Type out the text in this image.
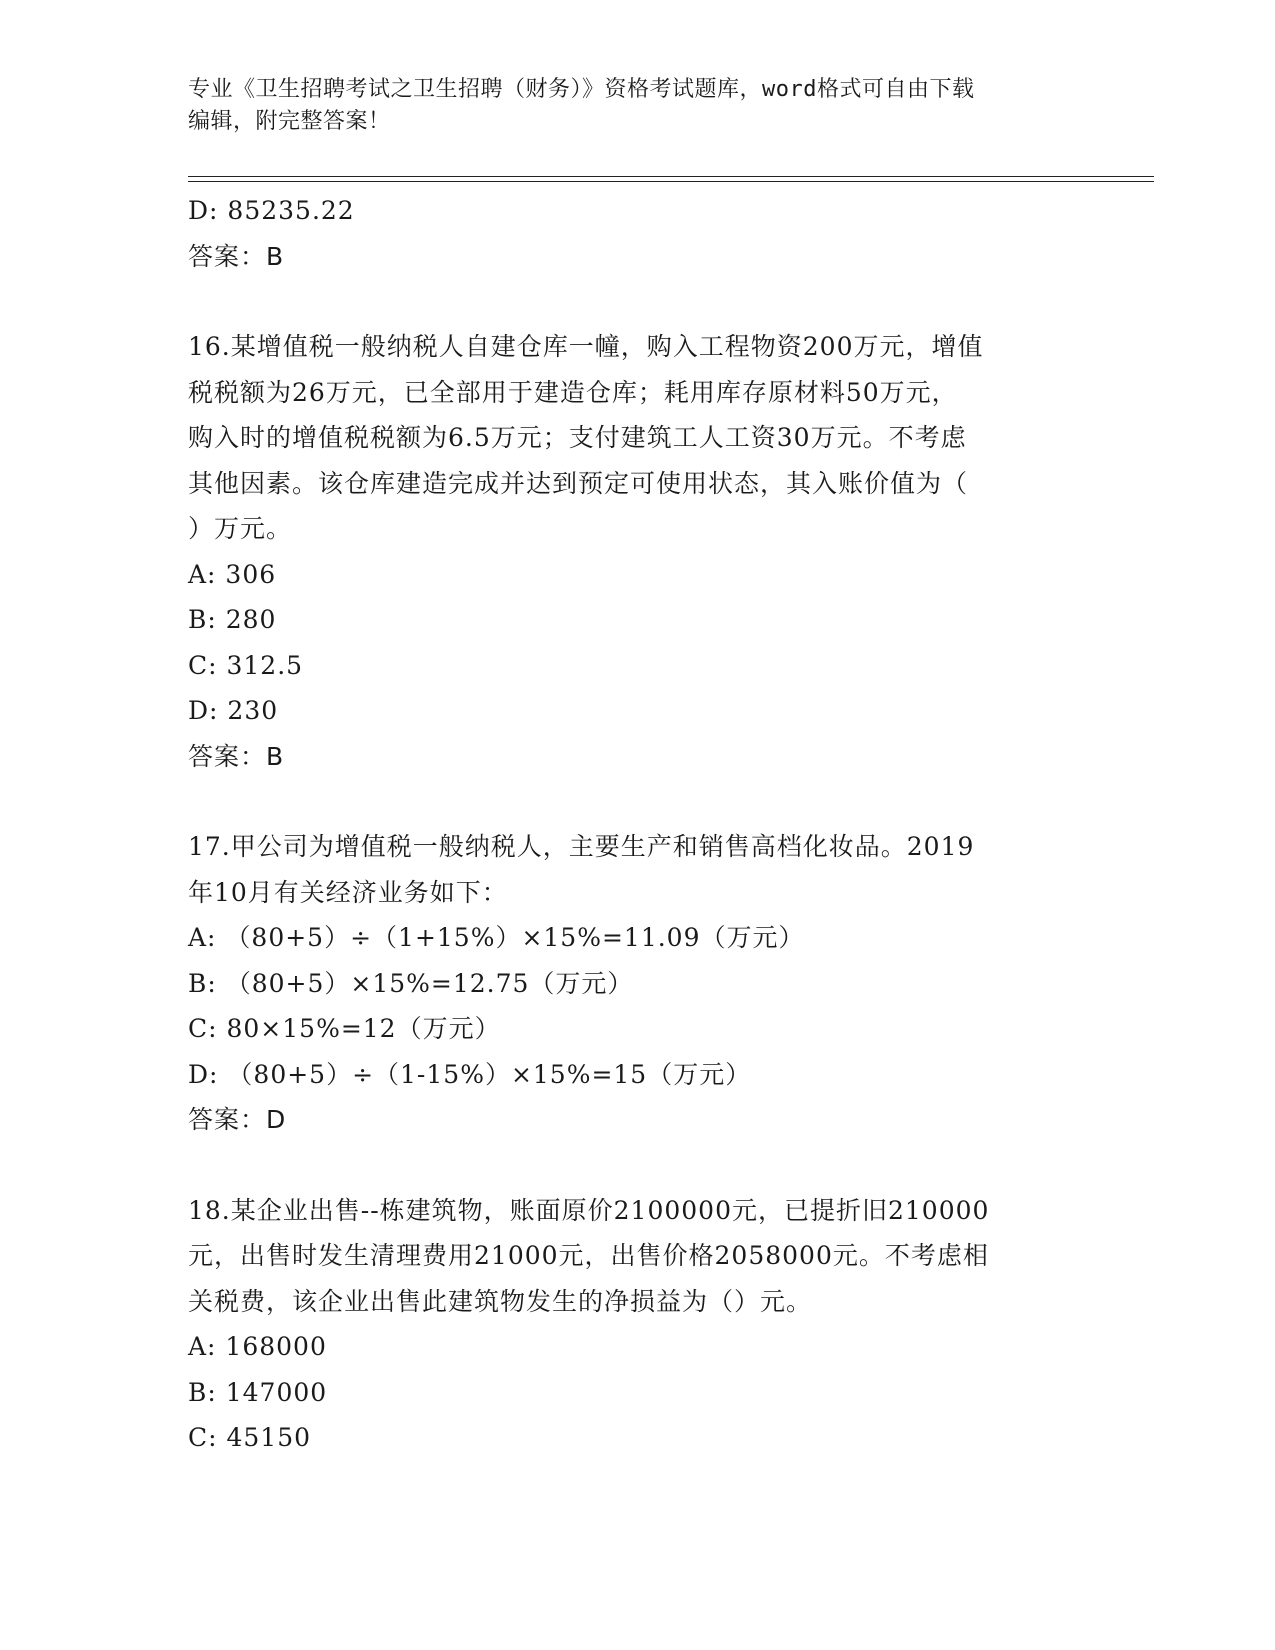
专业《卫生招聘考试之卫生招聘（财务）》资格考试题库，word格式可自由下载
编辑，附完整答案！
D: 85235.22
答案：B
16.某增值税一般纳税人自建仓库一幢，购入工程物资200万元，增值
税税额为26万元，已全部用于建造仓库；耗用库存原材料50万元，
购入时的增值税税额为6.5万元；支付建筑工人工资30万元。不考虑
其他因素。该仓库建造完成并达到预定可使用状态，其入账价值为（
）万元。
A: 306
B: 280
C: 312.5
D: 230
答案：B
17.甲公司为增值税一般纳税人，主要生产和销售高档化妆品。2019
年10月有关经济业务如下：
A: （80+5）÷（1+15%）×15%=11.09（万元）
B: （80+5）×15%=12.75（万元）
C: 80×15%=12（万元）
D: （80+5）÷（1-15%）×15%=15（万元）
答案：D
18.某企业出售--栋建筑物，账面原价2100000元，已提折旧210000
元，出售时发生清理费用21000元，出售价格2058000元。不考虑相
关税费，该企业出售此建筑物发生的净损益为（）元。
A: 168000
B: 147000
C: 45150
